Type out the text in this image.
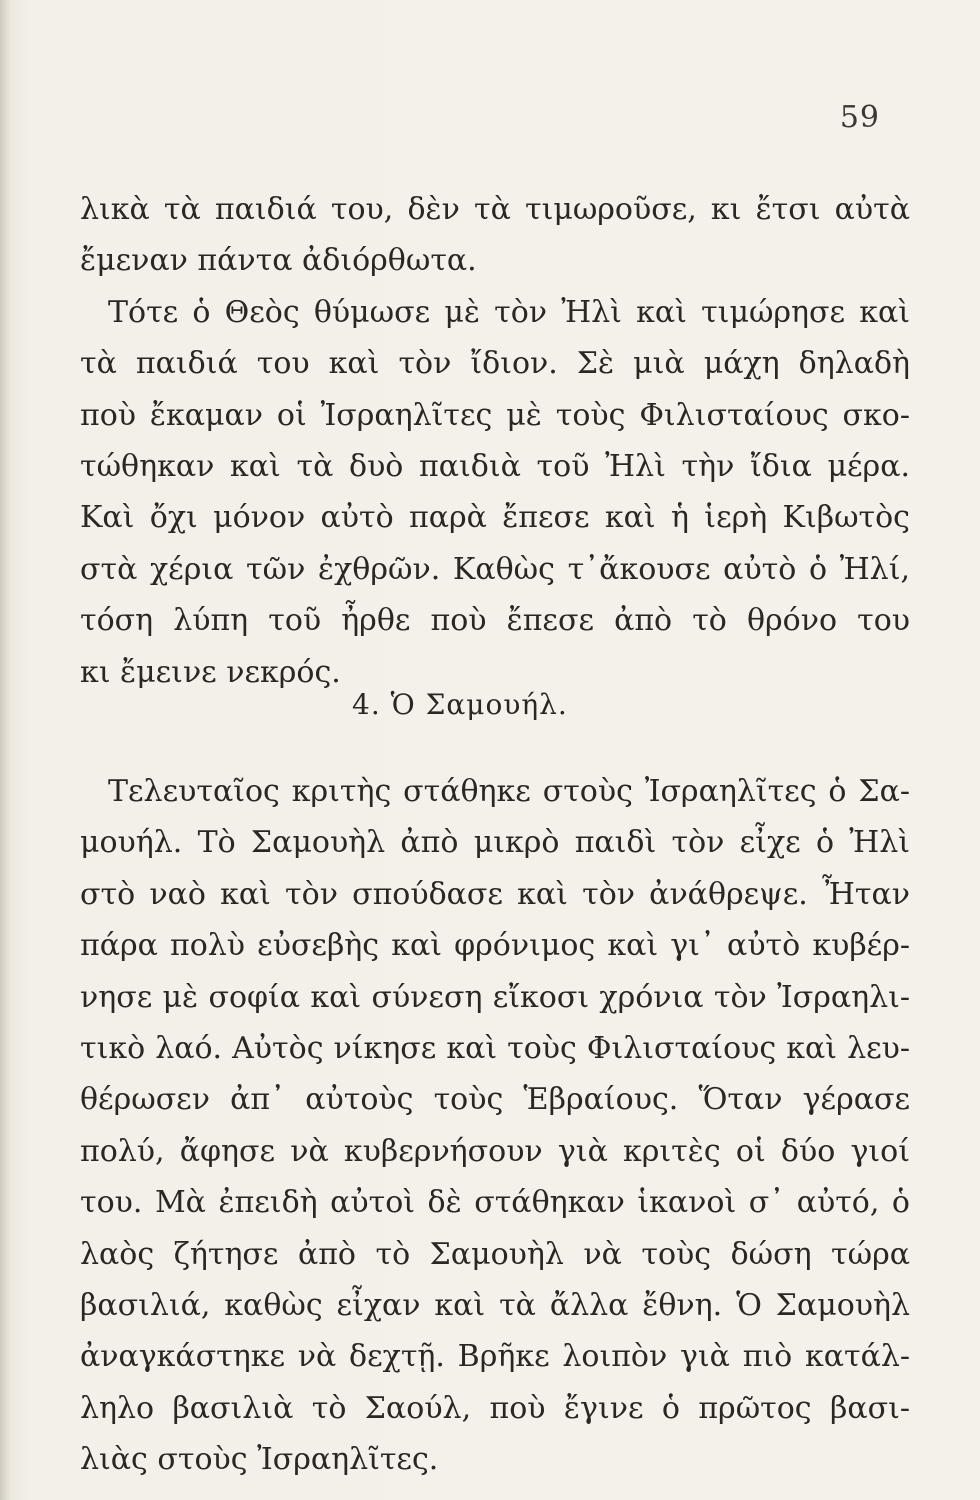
59
λικὰ τὰ παιδιά του, δὲν τὰ τιμωροῦσε, κι ἔτσι αὐτὰ
ἔμεναν πάντα ἀδιόρθωτα.
Τότε ὁ Θεὸς θύμωσε μὲ τὸν Ἠλὶ καὶ τιμώρησε καὶ
τὰ παιδιά του καὶ τὸν ἴδιον. Σὲ μιὰ μάχη δηλαδὴ
ποὺ ἔκαμαν οἱ Ἰσραηλῖτες μὲ τοὺς Φιλισταίους σκο-
τώθηκαν καὶ τὰ δυὸ παιδιὰ τοῦ Ἠλὶ τὴν ἴδια μέρα.
Καὶ ὄχι μόνον αὐτὸ παρὰ ἔπεσε καὶ ἡ ἱερὴ Κιβωτὸς
στὰ χέρια τῶν ἐχθρῶν. Καθὼς τ᾿ἄκουσε αὐτὸ ὁ Ἠλί,
τόση λύπη τοῦ ἦρθε ποὺ ἔπεσε ἀπὸ τὸ θρόνο του
κι ἔμεινε νεκρός.
4. Ὁ Σαμουήλ.
Τελευταῖος κριτὴς στάθηκε στοὺς Ἰσραηλῖτες ὁ Σα-
μουήλ. Τὸ Σαμουὴλ ἀπὸ μικρὸ παιδὶ τὸν εἶχε ὁ Ἠλὶ
στὸ ναὸ καὶ τὸν σπούδασε καὶ τὸν ἀνάθρεψε. Ἦταν
πάρα πολὺ εὐσεβὴς καὶ φρόνιμος καὶ γι᾿ αὐτὸ κυβέρ-
νησε μὲ σοφία καὶ σύνεση εἴκοσι χρόνια τὸν Ἰσραηλι-
τικὸ λαό. Αὐτὸς νίκησε καὶ τοὺς Φιλισταίους καὶ λευ-
θέρωσεν ἀπ᾿ αὐτοὺς τοὺς Ἑβραίους. Ὅταν γέρασε
πολύ, ἄφησε νὰ κυβερνήσουν γιὰ κριτὲς οἱ δύο γιοί
του. Μὰ ἐπειδὴ αὐτοὶ δὲ στάθηκαν ἱκανοὶ σ᾿ αὐτό, ὁ
λαὸς ζήτησε ἀπὸ τὸ Σαμουὴλ νὰ τοὺς δώση τώρα
βασιλιά, καθὼς εἶχαν καὶ τὰ ἄλλα ἔθνη. Ὁ Σαμουὴλ
ἀναγκάστηκε νὰ δεχτῇ. Βρῆκε λοιπὸν γιὰ πιὸ κατάλ-
ληλο βασιλιὰ τὸ Σαούλ, ποὺ ἔγινε ὁ πρῶτος βασι-
λιὰς στοὺς Ἰσραηλῖτες.
